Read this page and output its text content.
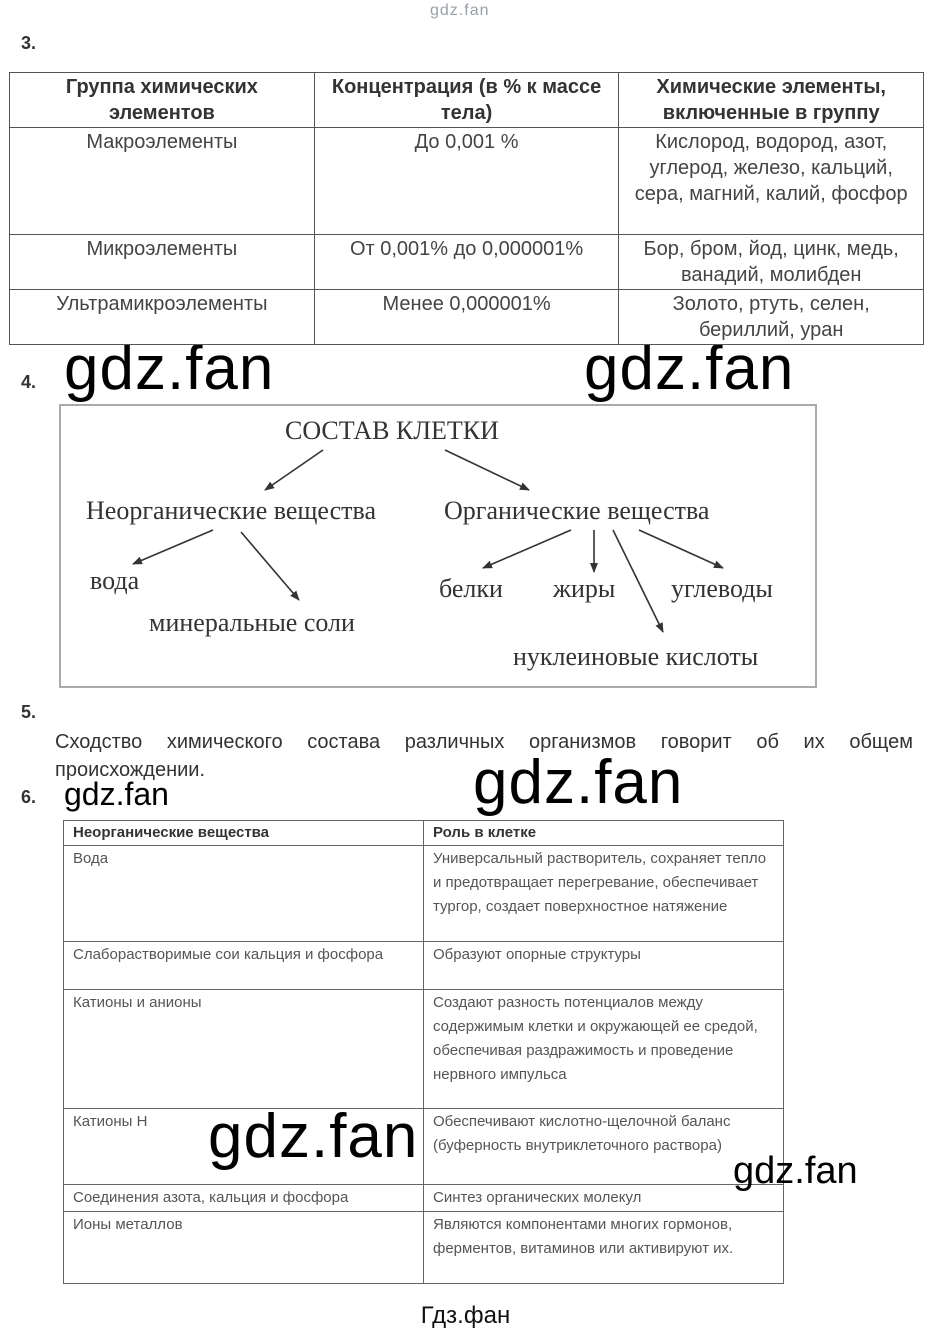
gdz.fan
gdz.fan	gdz.fan
gdz.fan
gdz.fan
gdz.fan	gdz.fan
3.
Группа химических элементов	Концентрация (в % к массе тела)	Химические элементы, включенные в группу
Макроэлементы	До 0,001 %	Кислород, водород, азот, углерод, железо, кальций, сера, магний, калий, фосфор
Микроэлементы	От 0,001% до 0,000001%	Бор, бром, йод, цинк, медь, ванадий, молибден
Ультрамикроэлементы	Менее 0,000001%	Золото, ртуть, селен, бериллий, уран
4.
СОСТАВ КЛЕТКИ
Неорганические вещества	Органические вещества
вода
минеральные соли
белки жиры углеводы
нуклеиновые кислоты
5.
Сходство химического состава различных организмов говорит об их общем происхождении.
6.
Неорганические вещества	Роль в клетке
Вода	Универсальный растворитель, сохраняет тепло и предотвращает перегревание, обеспечивает тургор, создает поверхностное натяжение
Слаборастворимые сои кальция и фосфора	Образуют опорные структуры
Катионы и анионы	Создают разность потенциалов между содержимым клетки и окружающей ее средой, обеспечивая раздражимость и проведение нервного импульса
Катионы Н	Обеспечивают кислотно-щелочной баланс (буферность внутриклеточного раствора)
Соединения азота, кальция и фосфора	Синтез органических молекул
Ионы металлов	Являются компонентами многих гормонов, ферментов, витаминов или активируют их.
Гдз.фан
